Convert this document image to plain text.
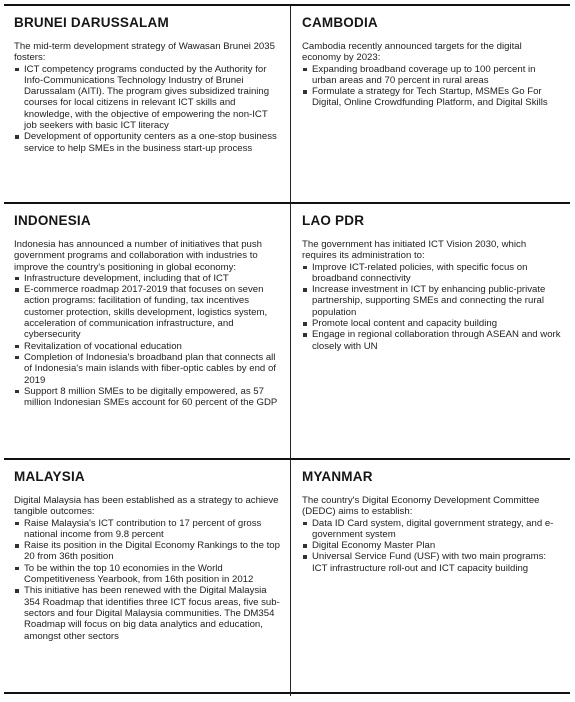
BRUNEI DARUSSALAM

The mid-term development strategy of Wawasan Brunei 2035 fosters:

ICT competency programs conducted by the Authority for Info-Communications Technology Industry of Brunei Darussalam (AITI). The program gives subsidized training courses for local citizens in relevant ICT skills and knowledge, with the objective of empowering the non-ICT job seekers with basic ICT literacy
Development of opportunity centers as a one-stop business service to help SMEs in the business start-up process
CAMBODIA

Cambodia recently announced targets for the digital economy by 2023:

Expanding broadband coverage up to 100 percent in urban areas and 70 percent in rural areas
Formulate a strategy for Tech Startup, MSMEs Go For Digital, Online Crowdfunding Platform, and Digital Skills
INDONESIA

Indonesia has announced a number of initiatives that push government programs and collaboration with industries to improve the country's positioning in global economy:

Infrastructure development, including that of ICT
E-commerce roadmap 2017-2019 that focuses on seven action programs: facilitation of funding, tax incentives customer protection, skills development, logistics system, acceleration of communication infrastructure, and cybersecurity
Revitalization of vocational education
Completion of Indonesia's broadband plan that connects all of Indonesia's main islands with fiber-optic cables by end of 2019
Support 8 million SMEs to be digitally empowered, as 57 million Indonesian SMEs account for 60 percent of the GDP
LAO PDR

The government has initiated ICT Vision 2030, which requires its administration to:

Improve ICT-related policies, with specific focus on broadband connectivity
Increase investment in ICT by enhancing public-private partnership, supporting SMEs and connecting the rural population
Promote local content and capacity building
Engage in regional collaboration through ASEAN and work closely with UN
MALAYSIA

Digital Malaysia has been established as a strategy to achieve tangible outcomes:

Raise Malaysia's ICT contribution to 17 percent of gross national income from 9.8 percent
Raise its position in the Digital Economy Rankings to the top 20 from 36th position
To be within the top 10 economies in the World Competitiveness Yearbook, from 16th position in 2012
This initiative has been renewed with the Digital Malaysia 354 Roadmap that identifies three ICT focus areas, five sub-sectors and four Digital Malaysia communities. The DM354 Roadmap will focus on big data analytics and education, amongst other sectors
MYANMAR

The country's Digital Economy Development Committee (DEDC) aims to establish:

Data ID Card system, digital government strategy, and e-government system
Digital Economy Master Plan
Universal Service Fund (USF) with two main programs: ICT infrastructure roll-out and ICT capacity building
